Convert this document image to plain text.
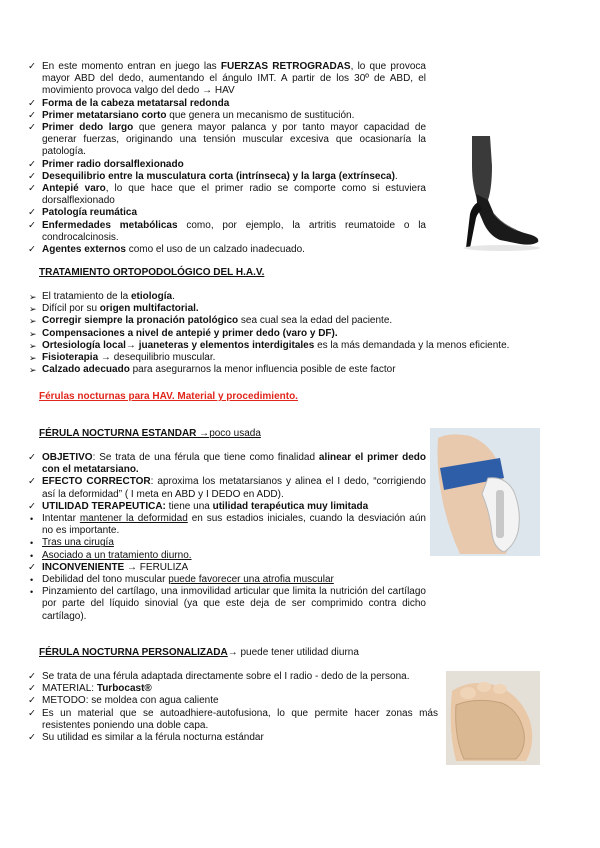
✓ En este momento entran en juego las FUERZAS RETROGRADAS, lo que provoca mayor ABD del dedo, aumentando el ángulo IMT. A partir de los 30º de ABD, el movimiento provoca valgo del dedo → HAV
✓ Forma de la cabeza metatarsal redonda
✓ Primer metatarsiano corto que genera un mecanismo de sustitución.
✓ Primer dedo largo que genera mayor palanca y por tanto mayor capacidad de generar fuerzas, originando una tensión muscular excesiva que ocasionaría la patología.
✓ Primer radio dorsalflexionado
✓ Desequilibrio entre la musculatura corta (intrínseca) y la larga (extrínseca).
✓ Antepié varo, lo que hace que el primer radio se comporte como si estuviera dorsalflexionado
✓ Patología reumática
✓ Enfermedades metabólicas como, por ejemplo, la artritis reumatoide o la condrocalcinosis.
✓ Agentes externos como el uso de un calzado inadecuado.
TRATAMIENTO ORTOPODOLÓGICO DEL H.A.V.
➢ El tratamiento de la etiología.
➢ Difícil por su origen multifactorial.
➢ Corregir siempre la pronación patológico sea cual sea la edad del paciente.
➢ Compensaciones a nivel de antepié y primer dedo (varo y DF).
➢ Ortesiología local→ juaneteras y elementos interdigitales es la más demandada y la menos eficiente.
➢ Fisioterapia → desequilibrio muscular.
➢ Calzado adecuado para asegurarnos la menor influencia posible de este factor
Férulas nocturnas para HAV. Material y procedimiento.
FÉRULA NOCTURNA ESTANDAR →poco usada
✓ OBJETIVO: Se trata de una férula que tiene como finalidad alinear el primer dedo con el metatarsiano.
✓ EFECTO CORRECTOR: aproxima los metatarsianos y alinea el I dedo, “corrigiendo así la deformidad” ( I meta en ABD y I DEDO en ADD).
✓ UTILIDAD TERAPEUTICA: tiene una utilidad terapéutica muy limitada
• Intentar mantener la deformidad en sus estadios iniciales, cuando la desviación aún no es importante.
• Tras una cirugía
• Asociado a un tratamiento diurno.
✓ INCONVENIENTE → FERULIZA
• Debilidad del tono muscular puede favorecer una atrofia muscular
• Pinzamiento del cartílago, una inmovilidad articular que limita la nutrición del cartílago por parte del líquido sinovial (ya que este deja de ser comprimido contra dicho cartílago).
FÉRULA NOCTURNA PERSONALIZADA→ puede tener utilidad diurna
✓ Se trata de una férula adaptada directamente sobre el I radio - dedo de la persona.
✓ MATERIAL: Turbocast®
✓ METODO: se moldea con agua caliente
✓ Es un material que se autoadhiere-autofusiona, lo que permite hacer zonas más resistentes poniendo una doble capa.
✓ Su utilidad es similar a la férula nocturna estándar
